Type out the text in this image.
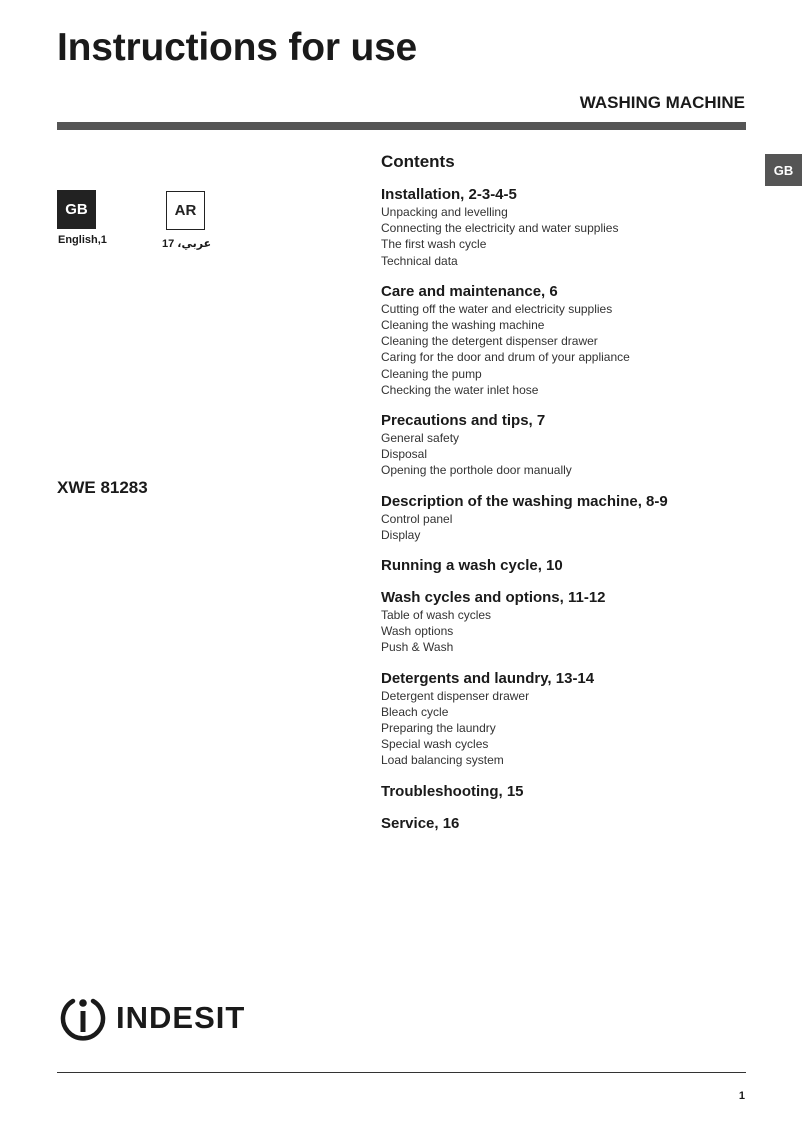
Instructions for use
WASHING MACHINE
GB
GB	AR
English,1	عربي، 17
XWE 81283
Contents
Installation, 2-3-4-5
Unpacking and levelling
Connecting the electricity and water supplies
The first wash cycle
Technical data
Care and maintenance, 6
Cutting off the water and electricity supplies
Cleaning the washing machine
Cleaning the detergent dispenser drawer
Caring for the door and drum of your appliance
Cleaning the pump
Checking the water inlet hose
Precautions and tips, 7
General safety
Disposal
Opening the porthole door manually
Description of the washing machine, 8-9
Control panel
Display
Running a wash cycle, 10
Wash cycles and options, 11-12
Table of wash cycles
Wash options
Push & Wash
Detergents and laundry, 13-14
Detergent dispenser drawer
Bleach cycle
Preparing the laundry
Special wash cycles
Load balancing system
Troubleshooting, 15
Service, 16
INDESIT
1
